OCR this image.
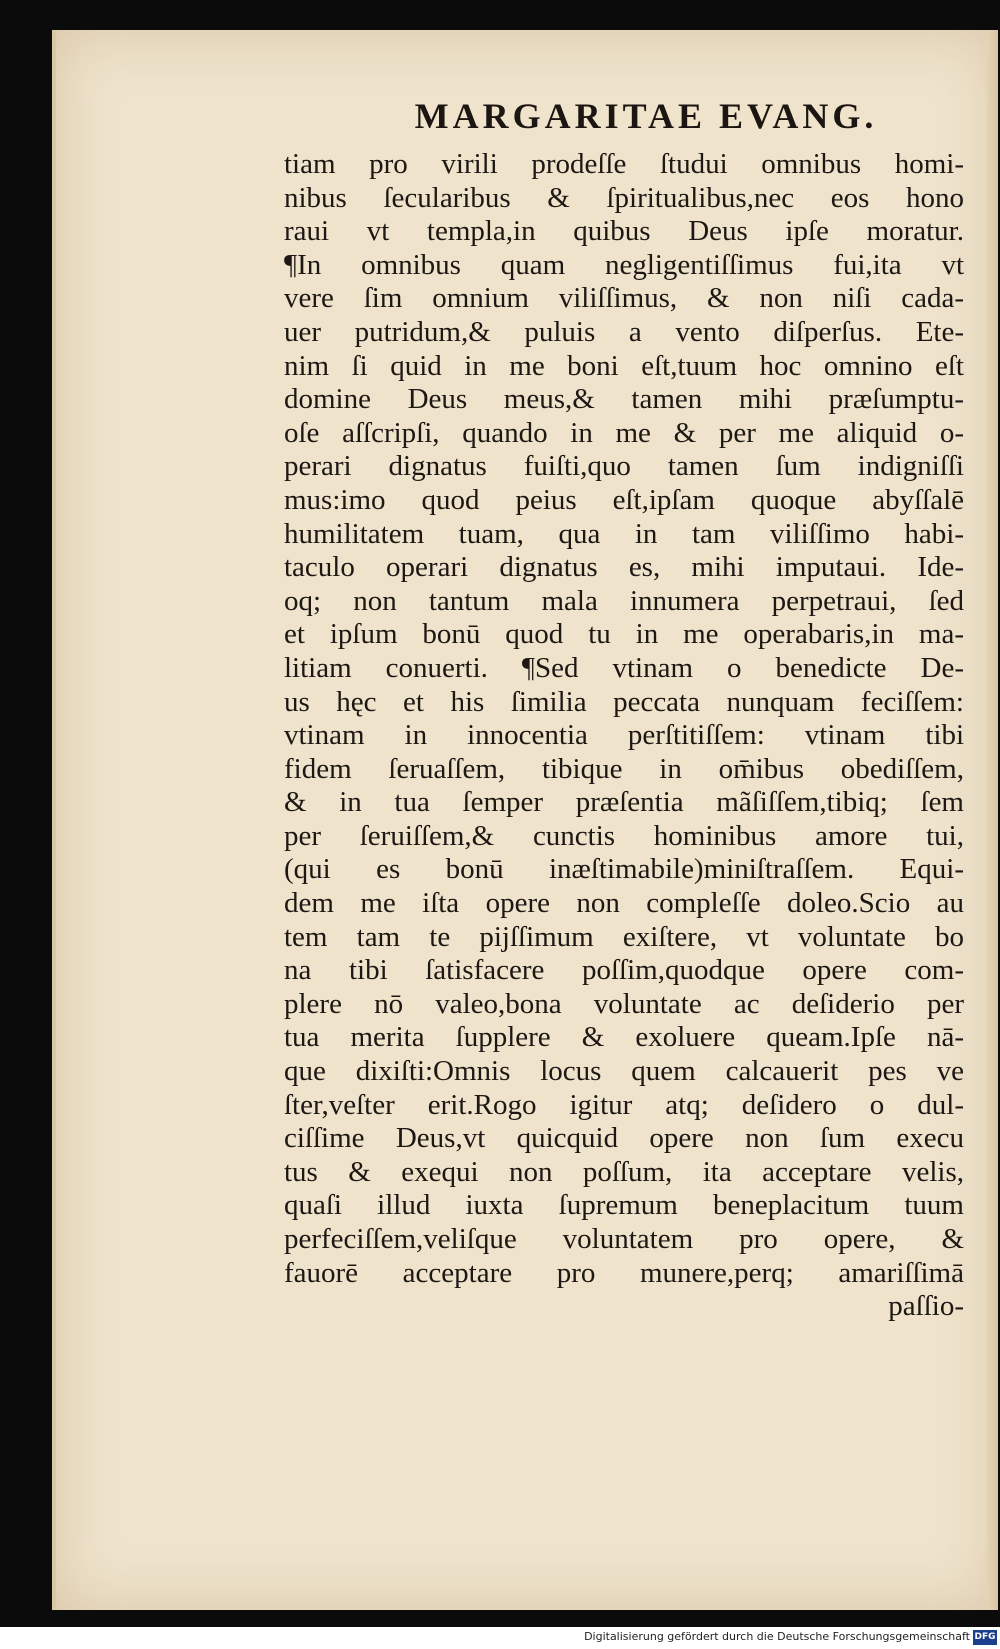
MARGARITAE EVANG.
tiam pro virili prodeſſe ſtudui omnibus homi-
nibus ſecularibus & ſpiritualibus,nec eos hono
raui vt templa,in quibus Deus ipſe moratur.
¶In omnibus quam negligentiſſimus fui,ita vt
vere ſim omnium viliſſimus, & non niſi cada-
uer putridum,& puluis a vento diſperſus. Ete-
nim ſi quid in me boni eſt,tuum hoc omnino eſt
domine Deus meus,& tamen mihi præſumptu-
oſe aſſcripſi, quando in me & per me aliquid o-
perari dignatus fuiſti,quo tamen ſum indigniſſi
mus:imo quod peius eſt,ipſam quoque abyſſalē
humilitatem tuam, qua in tam viliſſimo habi-
taculo operari dignatus es, mihi imputaui. Ide-
oq; non tantum mala innumera perpetraui, ſed
et ipſum bonū quod tu in me operabaris,in ma-
litiam conuerti. ¶Sed vtinam o benedicte De-
us hęc et his ſimilia peccata nunquam feciſſem:
vtinam in innocentia perſtitiſſem: vtinam tibi
fidem ſeruaſſem, tibique in om̄ibus obediſſem,
& in tua ſemper præſentia mãſiſſem,tibiq; ſem
per ſeruiſſem,& cunctis hominibus amore tui,
(qui es bonū inæſtimabile)miniſtraſſem. Equi-
dem me iſta opere non compleſſe doleo.Scio au
tem tam te pijſſimum exiſtere, vt voluntate bo
na tibi ſatisfacere poſſim,quodque opere com-
plere nō valeo,bona voluntate ac deſiderio per
tua merita ſupplere & exoluere queam.Ipſe nā-
que dixiſti:Omnis locus quem calcauerit pes ve
ſter,veſter erit.Rogo igitur atq; deſidero o dul-
ciſſime Deus,vt quicquid opere non ſum execu
tus & exequi non poſſum, ita acceptare velis,
quaſi illud iuxta ſupremum beneplacitum tuum
perfeciſſem,veliſque voluntatem pro opere, &
fauorē acceptare pro munere,perq; amariſſimā
paſſio-
Digitalisierung gefördert durch die Deutsche Forschungsgemeinschaft DFG
